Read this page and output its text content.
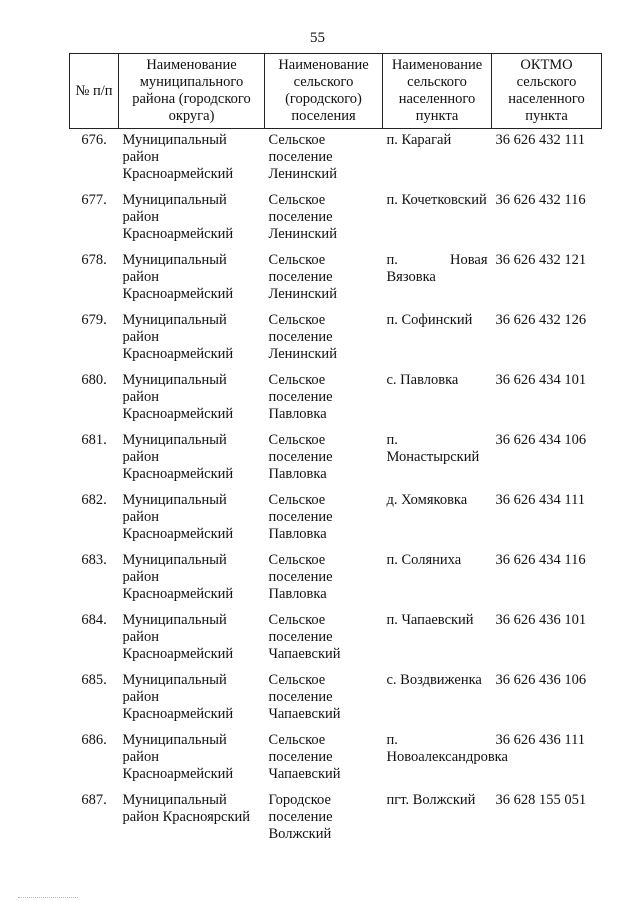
55
№ п/п	Наименование муниципального района (городского округа)	Наименование сельского (городского) поселения	Наименование сельского населенного пункта	ОКТМО сельского населенного пункта
676.	Муниципальный район Красноармейский	Сельское поселение Ленинский	п. Карагай	36 626 432 111
677.	Муниципальный район Красноармейский	Сельское поселение Ленинский	п. Кочетковский	36 626 432 116
678.	Муниципальный район Красноармейский	Сельское поселение Ленинский	п. Новая Вязовка	36 626 432 121
679.	Муниципальный район Красноармейский	Сельское поселение Ленинский	п. Софинский	36 626 432 126
680.	Муниципальный район Красноармейский	Сельское поселение Павловка	с. Павловка	36 626 434 101
681.	Муниципальный район Красноармейский	Сельское поселение Павловка	п. Монастырский	36 626 434 106
682.	Муниципальный район Красноармейский	Сельское поселение Павловка	д. Хомяковка	36 626 434 111
683.	Муниципальный район Красноармейский	Сельское поселение Павловка	п. Соляниха	36 626 434 116
684.	Муниципальный район Красноармейский	Сельское поселение Чапаевский	п. Чапаевский	36 626 436 101
685.	Муниципальный район Красноармейский	Сельское поселение Чапаевский	с. Воздвиженка	36 626 436 106
686.	Муниципальный район Красноармейский	Сельское поселение Чапаевский	п. Новоалександровка	36 626 436 111
687.	Муниципальный район Красноярский	Городское поселение Волжский	пгт. Волжский	36 628 155 051
